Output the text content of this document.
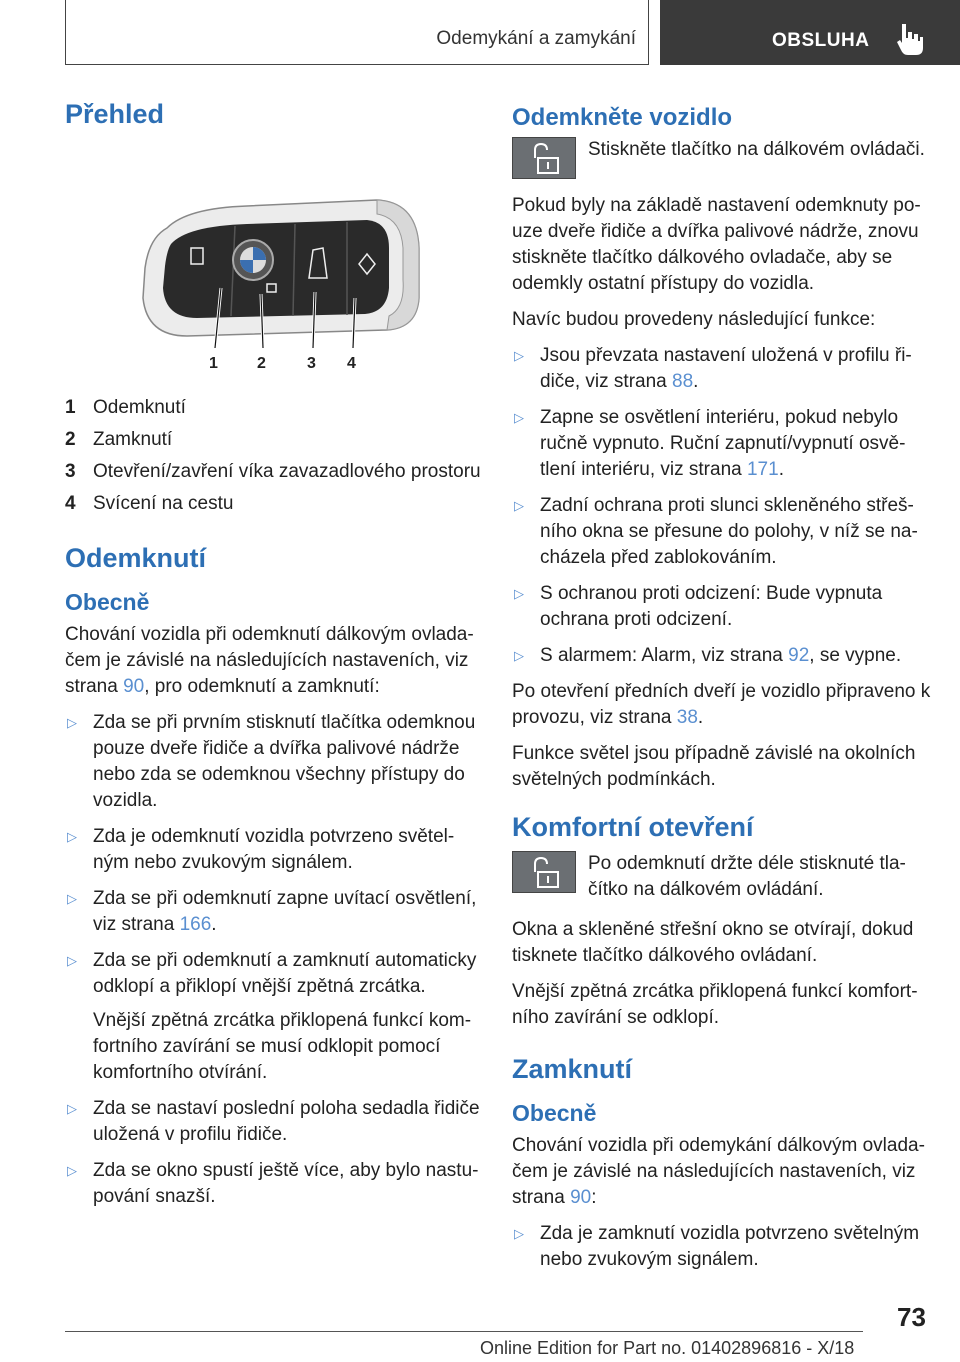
Odemykání a zamykání	OBSLUHA
Přehled
1 2	3 4
1 Odemknutí
2 Zamknutí
3 Otevření/zavření víka zavazadlového prostoru
4 Svícení na cestu
Odemknutí
Obecně

Chování vozidla při odemknutí dálkovým ovlada-čem je závislé na následujících nastaveních, viz strana 90, pro odemknutí a zamknutí:

▷ Zda se při prvním stisknutí tlačítka odemknou pouze dveře řidiče a dvířka palivové nádrže nebo zda se odemknou všechny přístupy do vozidla.
▷ Zda je odemknutí vozidla potvrzeno světel-ným nebo zvukovým signálem.
▷ Zda se při odemknutí zapne uvítací osvětlení, viz strana 166.
▷ Zda se při odemknutí a zamknutí automaticky odklopí a přiklopí vnější zpětná zrcátka.
Vnější zpětná zrcátka přiklopená funkcí kom-fortního zavírání se musí odklopit pomocí komfortního otvírání.
▷ Zda se nastaví poslední poloha sedadla řidiče uložená v profilu řidiče.
▷ Zda se okno spustí ještě více, aby bylo nastu-pování snazší.
Odemkněte vozidlo

Stiskněte tlačítko na dálkovém ovládači.

Pokud byly na základě nastavení odemknuty po-uze dveře řidiče a dvířka palivové nádrže, znovu stiskněte tlačítko dálkového ovladače, aby se odemkly ostatní přístupy do vozidla.

Navíc budou provedeny následující funkce:

▷ Jsou převzata nastavení uložená v profilu ři-diče, viz strana 88.
▷ Zapne se osvětlení interiéru, pokud nebylo ručně vypnuto. Ruční zapnutí/vypnutí osvě-tlení interiéru, viz strana 171.
▷ Zadní ochrana proti slunci skleněného střeš-ního okna se přesune do polohy, v níž se na-cházela před zablokováním.
▷ S ochranou proti odcizení: Bude vypnuta ochrana proti odcizení.
▷ S alarmem: Alarm, viz strana 92, se vypne.

Po otevření předních dveří je vozidlo připraveno k provozu, viz strana 38.

Funkce světel jsou případně závislé na okolních světelných podmínkách.

Komfortní otevření

Po odemknutí držte déle stisknuté tla-čítko na dálkovém ovládání.

Okna a skleněné střešní okno se otvírají, dokud tisknete tlačítko dálkového ovládaní.

Vnější zpětná zrcátka přiklopená funkcí komfort-ního zavírání se odklopí.

Zamknutí
Obecně

Chování vozidla při odemykání dálkovým ovlada-čem je závislé na následujících nastaveních, viz strana 90:

▷ Zda je zamknutí vozidla potvrzeno světelným nebo zvukovým signálem.
73
Online Edition for Part no. 01402896816 - X/18
